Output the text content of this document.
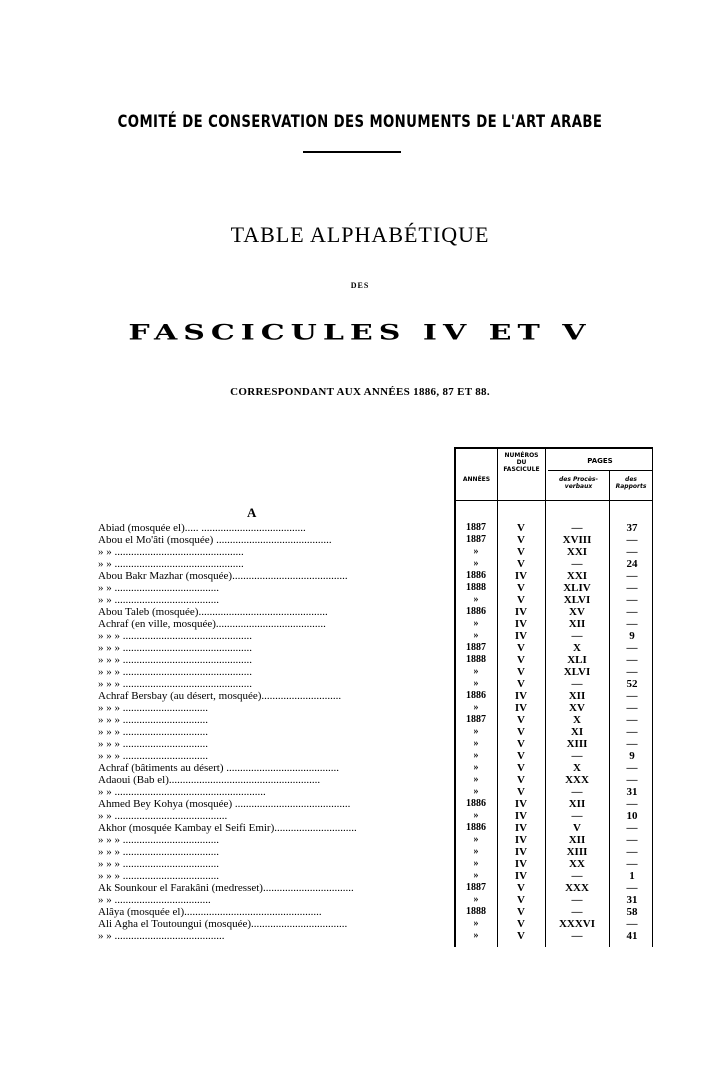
COMITÉ DE CONSERVATION DES MONUMENTS DE L'ART ARABE
TABLE ALPHABÉTIQUE
DES
FASCICULES IV ET V
CORRESPONDANT AUX ANNÉES 1886, 87 ET 88.
ANNÉES
NUMÉROS
DU
FASCICULE
PAGES
des Procès-
verbaux
des
Rapports
A
Abiad (mosquée el)..... ......................................	1887	V	—	37
Abou el Mo'âti (mosquée) ..........................................	1887	V	XVIII	—
» » ...............................................	»	V	XXI	—
» » ...............................................	»	V	—	24
Abou Bakr Mazhar (mosquée)..........................................	1886	IV	XXI	—
» » ......................................	1888	V	XLIV	—
» » ......................................	»	V	XLVI	—
Abou Taleb (mosquée)...............................................	1886	IV	XV	—
Achraf (en ville, mosquée)........................................	»	IV	XII	—
» » » ...............................................	»	IV	—	9
» » » ...............................................	1887	V	X	—
» » » ...............................................	1888	V	XLI	—
» » » ...............................................	»	V	XLVI	—
» » » ...............................................	»	V	—	52
Achraf Bersbay (au désert, mosquée).............................	1886	IV	XII	—
» » » ...............................	»	IV	XV	—
» » » ...............................	1887	V	X	—
» » » ...............................	»	V	XI	—
» » » ...............................	»	V	XIII	—
» » » ...............................	»	V	—	9
Achraf (bâtiments au désert) .........................................	»	V	X	—
Adaoui (Bab el).......................................................	»	V	XXX	—
» » .......................................................	»	V	—	31
Ahmed Bey Kohya (mosquée) ..........................................	1886	IV	XII	—
» » .........................................	»	IV	—	10
Akhor (mosquée Kambay el Seifi Emir)..............................	1886	IV	V	—
» » » ...................................	»	IV	XII	—
» » » ...................................	»	IV	XIII	—
» » » ...................................	»	IV	XX	—
» » » ...................................	»	IV	—	1
Ak Sounkour el Farakâni (medresset).................................	1887	V	XXX	—
» » ...................................	»	V	—	31
Alâya (mosquée el)..................................................	1888	V	—	58
Ali Agha el Toutoungui (mosquée)...................................	»	V	XXXVI	—
» » ........................................	»	V	—	41
